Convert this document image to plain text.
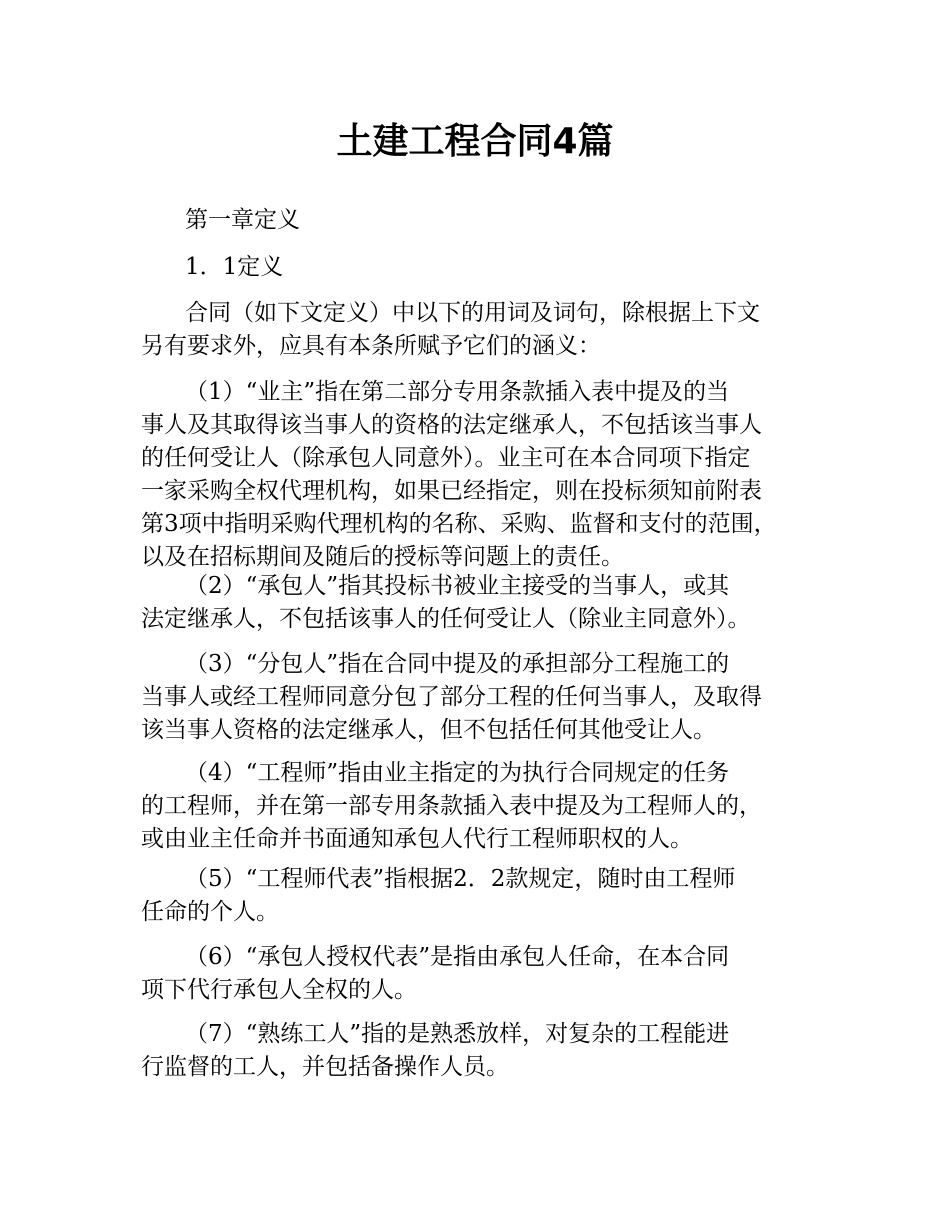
土建工程合同4篇

第一章定义

1．1定义

合同（如下文定义）中以下的用词及词句，除根据上下文
另有要求外，应具有本条所赋予它们的涵义：

（1）“业主”指在第二部分专用条款插入表中提及的当
事人及其取得该当事人的资格的法定继承人，不包括该当事人
的任何受让人（除承包人同意外）。业主可在本合同项下指定
一家采购全权代理机构，如果已经指定，则在投标须知前附表
第3项中指明采购代理机构的名称、采购、监督和支付的范围，
以及在招标期间及随后的授标等问题上的责任。

（2）“承包人”指其投标书被业主接受的当事人，或其
法定继承人，不包括该事人的任何受让人（除业主同意外）。

（3）“分包人”指在合同中提及的承担部分工程施工的
当事人或经工程师同意分包了部分工程的任何当事人，及取得
该当事人资格的法定继承人，但不包括任何其他受让人。

（4）“工程师”指由业主指定的为执行合同规定的任务
的工程师，并在第一部专用条款插入表中提及为工程师人的，
或由业主任命并书面通知承包人代行工程师职权的人。

（5）“工程师代表”指根据2．2款规定，随时由工程师
任命的个人。

（6）“承包人授权代表”是指由承包人任命，在本合同
项下代行承包人全权的人。

（7）“熟练工人”指的是熟悉放样，对复杂的工程能进
行监督的工人，并包括备操作人员。
